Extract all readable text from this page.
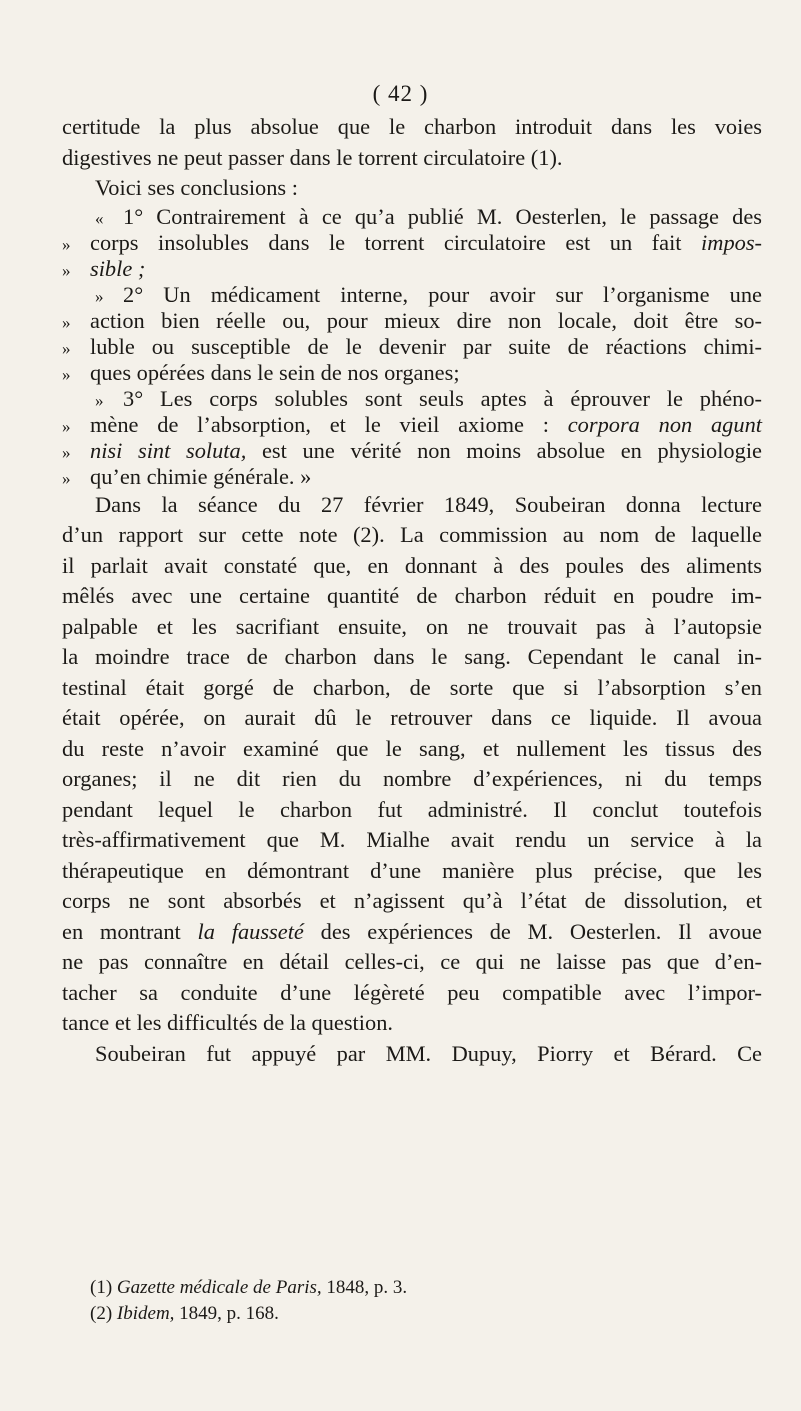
( 42 )
certitude la plus absolue que le charbon introduit dans les voies
digestives ne peut passer dans le torrent circulatoire (1).
Voici ses conclusions :
« 1° Contrairement à ce qu’a publié M. Oesterlen, le passage des
» corps insolubles dans le torrent circulatoire est un fait impos-
» sible ;
» 2° Un médicament interne, pour avoir sur l’organisme une
» action bien réelle ou, pour mieux dire non locale, doit être so-
» luble ou susceptible de le devenir par suite de réactions chimi-
» ques opérées dans le sein de nos organes;
» 3° Les corps solubles sont seuls aptes à éprouver le phéno-
» mène de l’absorption, et le vieil axiome : corpora non agunt
» nisi sint soluta, est une vérité non moins absolue en physiologie
» qu’en chimie générale. »
Dans la séance du 27 février 1849, Soubeiran donna lecture
d’un rapport sur cette note (2). La commission au nom de laquelle
il parlait avait constaté que, en donnant à des poules des aliments
mêlés avec une certaine quantité de charbon réduit en poudre im-
palpable et les sacrifiant ensuite, on ne trouvait pas à l’autopsie
la moindre trace de charbon dans le sang. Cependant le canal in-
testinal était gorgé de charbon, de sorte que si l’absorption s’en
était opérée, on aurait dû le retrouver dans ce liquide. Il avoua
du reste n’avoir examiné que le sang, et nullement les tissus des
organes; il ne dit rien du nombre d’expériences, ni du temps
pendant lequel le charbon fut administré. Il conclut toutefois
très-affirmativement que M. Mialhe avait rendu un service à la
thérapeutique en démontrant d’une manière plus précise, que les
corps ne sont absorbés et n’agissent qu’à l’état de dissolution, et
en montrant la fausseté des expériences de M. Oesterlen. Il avoue
ne pas connaître en détail celles-ci, ce qui ne laisse pas que d’en-
tacher sa conduite d’une légèreté peu compatible avec l’impor-
tance et les difficultés de la question.
Soubeiran fut appuyé par MM. Dupuy, Piorry et Bérard. Ce
(1) Gazette médicale de Paris, 1848, p. 3.
(2) Ibidem, 1849, p. 168.
